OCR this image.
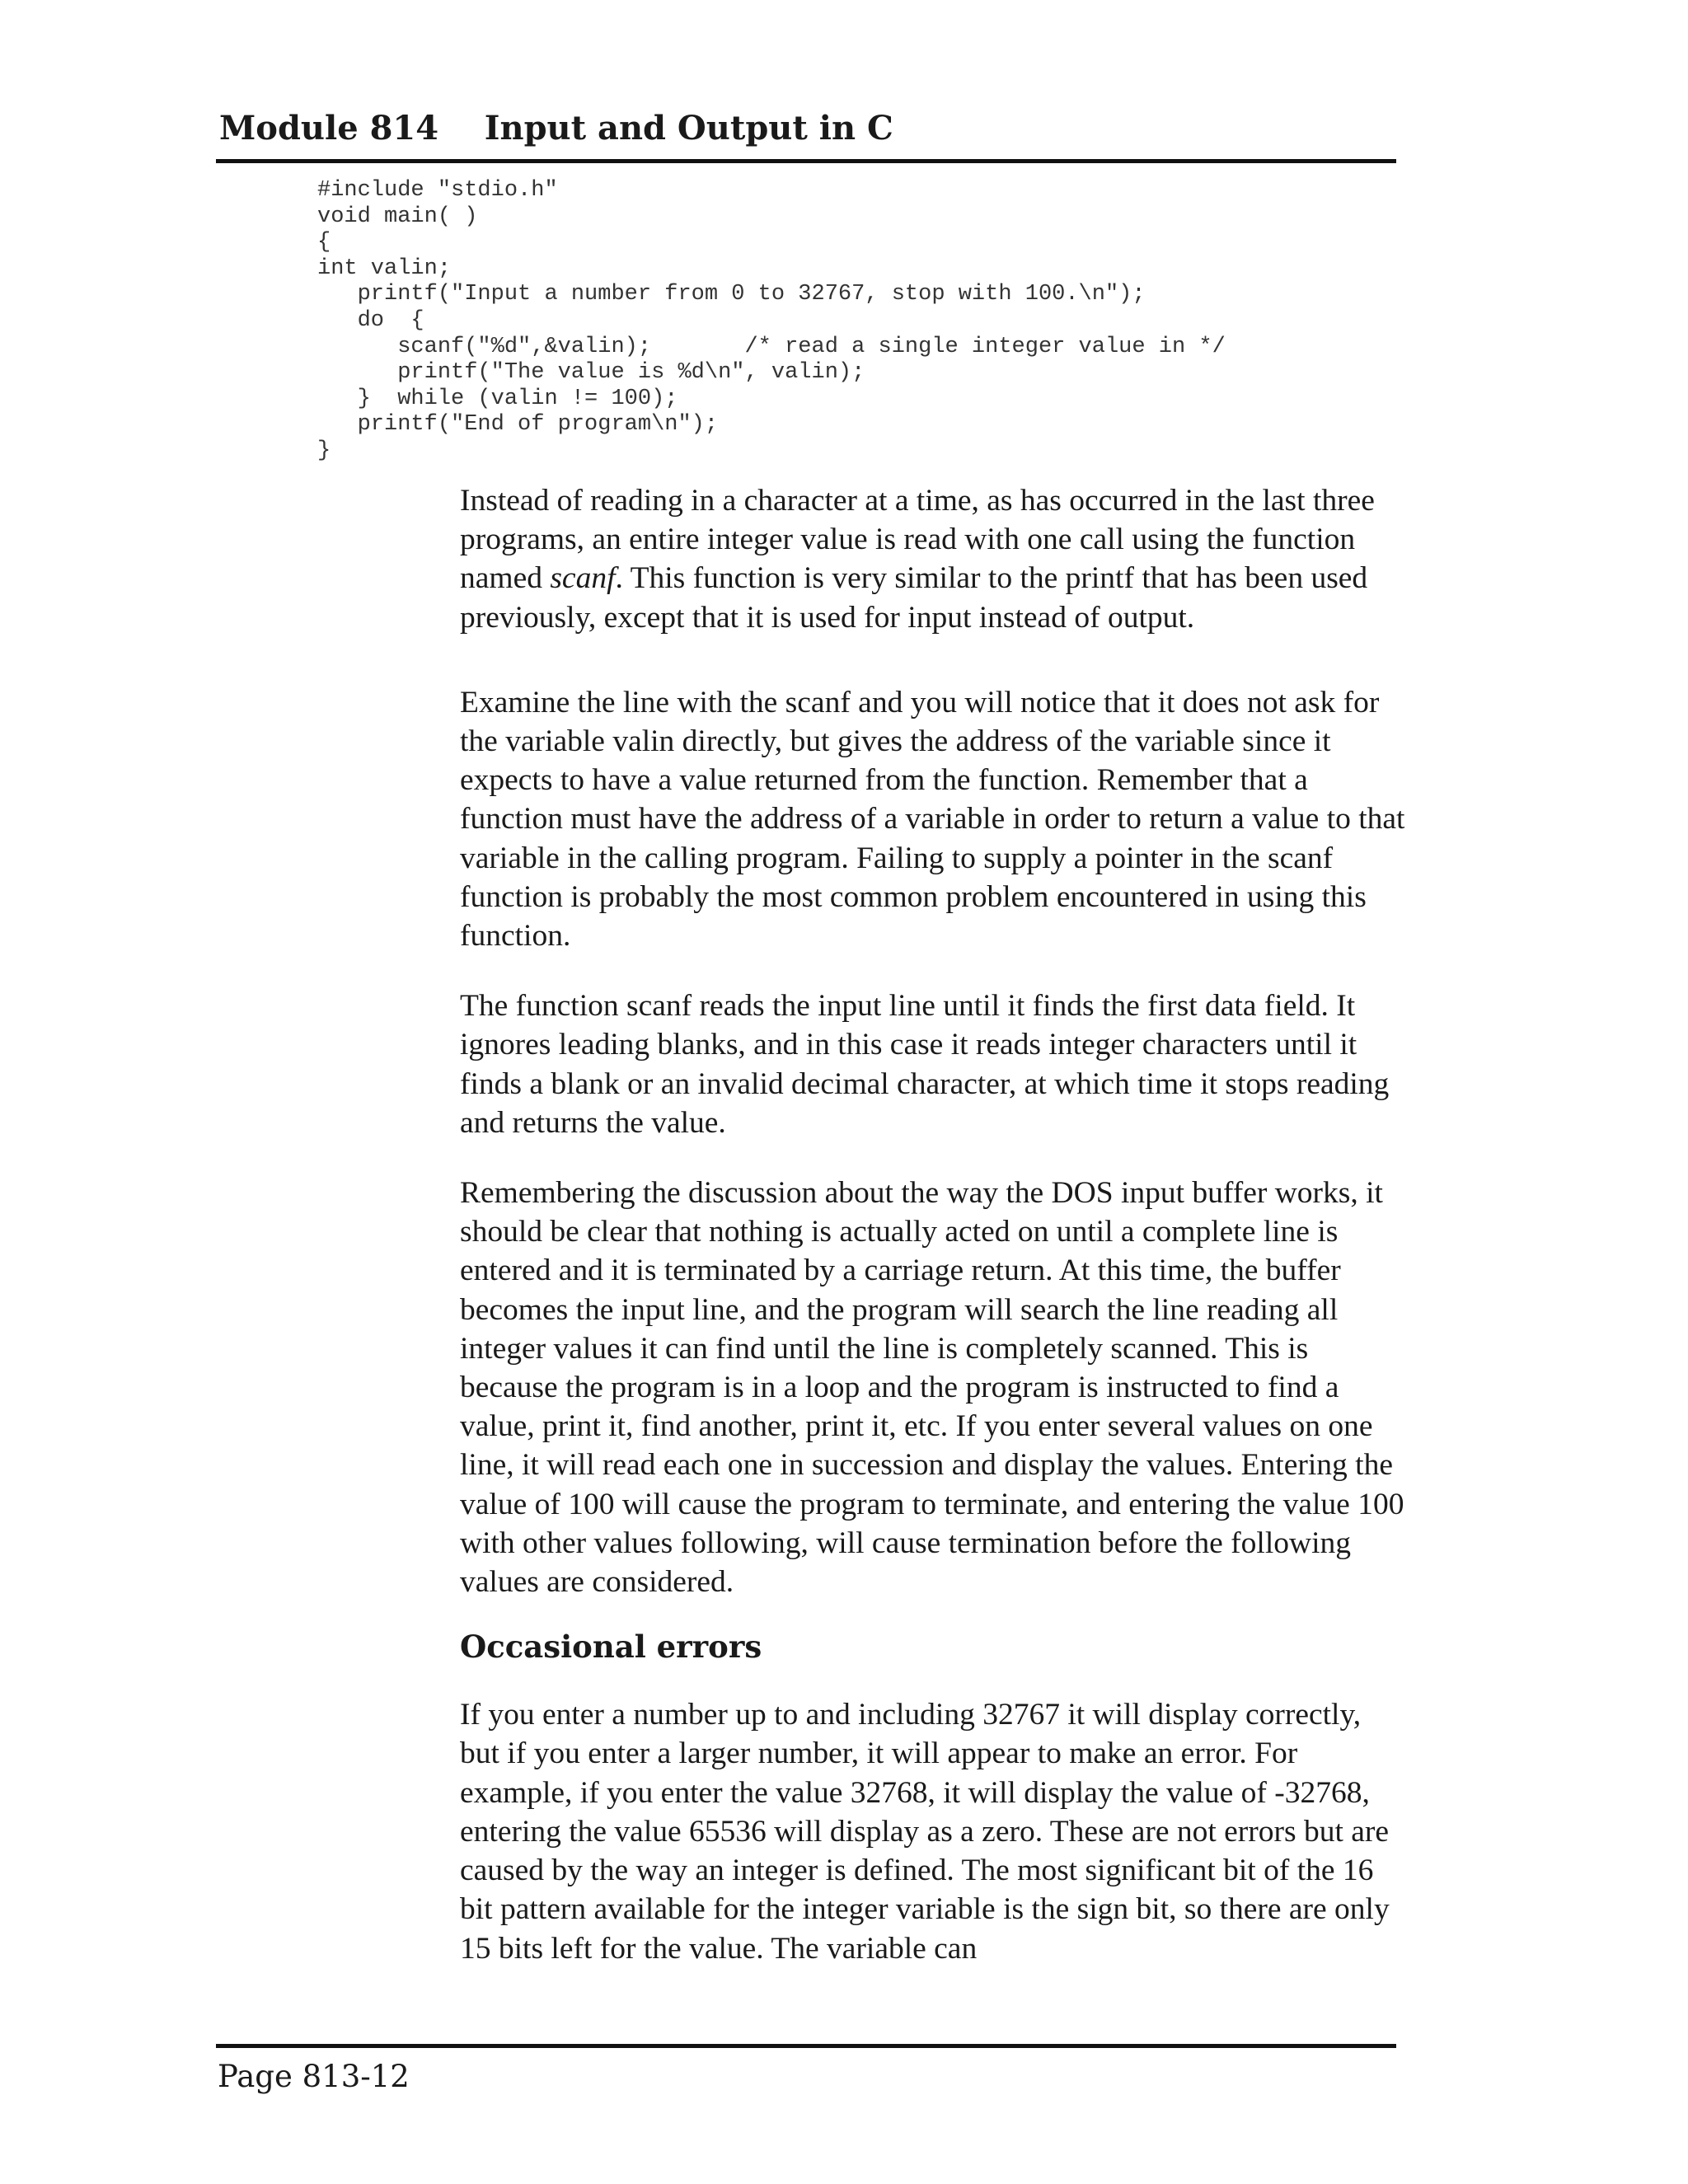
Module 814    Input and Output in C
#include "stdio.h"
void main( )
{
int valin;
printf("Input a number from 0 to 32767, stop with 100.\n");
do  {
scanf("%d",&valin);       /* read a single integer value in */
printf("The value is %d\n", valin);
}  while (valin != 100);
printf("End of program\n");
}

Instead of reading in a character at a time, as has occurred in the last three programs, an entire integer value is read with one call using the function named scanf. This function is very similar to the printf that has been used previously, except that it is used for input instead of output.

Examine the line with the scanf and you will notice that it does not ask for the variable valin directly, but gives the address of the variable since it expects to have a value returned from the function. Remember that a function must have the address of a variable in order to return a value to that variable in the calling program. Failing to supply a pointer in the scanf function is probably the most common problem encountered in using this function.

The function scanf reads the input line until it finds the first data field. It ignores leading blanks, and in this case it reads integer characters until it finds a blank or an invalid decimal character, at which time it stops reading and returns the value.

Remembering the discussion about the way the DOS input buffer works, it should be clear that nothing is actually acted on until a complete line is entered and it is terminated by a carriage return. At this time, the buffer becomes the input line, and the program will search the line reading all integer values it can find until the line is completely scanned. This is because the program is in a loop and the program is instructed to find a value, print it, find another, print it, etc. If you enter several values on one line, it will read each one in succession and display the values. Entering the value of 100 will cause the program to terminate, and entering the value 100 with other values following, will cause termination before the following values are considered.

Occasional errors

If you enter a number up to and including 32767 it will display correctly, but if you enter a larger number, it will appear to make an error. For example, if you enter the value 32768, it will display the value of -32768, entering the value 65536 will display as a zero. These are not errors but are caused by the way an integer is defined. The most significant bit of the 16 bit pattern available for the integer variable is the sign bit, so there are only 15 bits left for the value. The variable can

Page 813-12
